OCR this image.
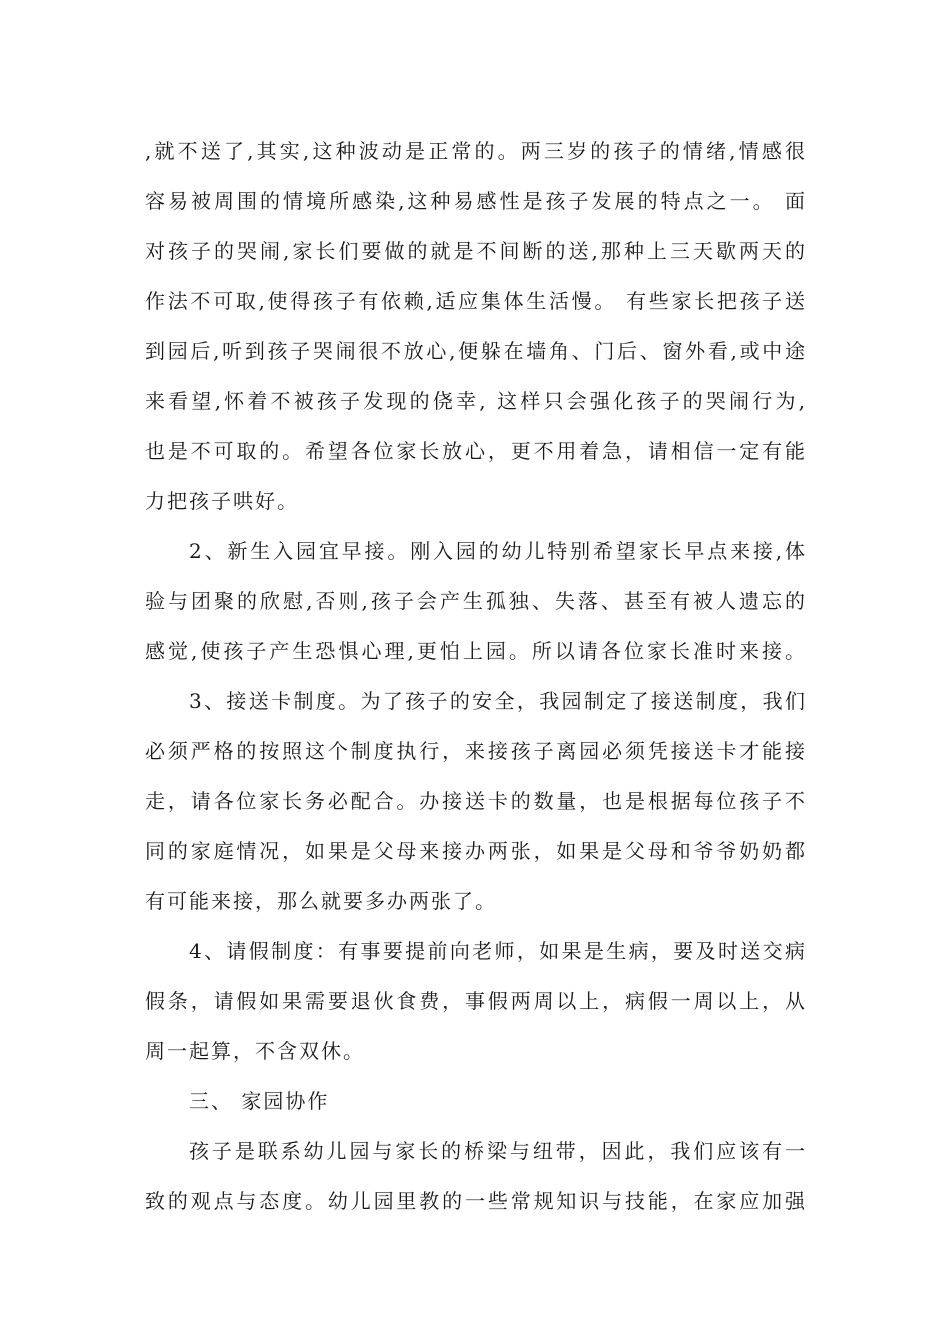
,就不送了,其实,这种波动是正常的。两三岁的孩子的情绪,情感很
容易被周围的情境所感染,这种易感性是孩子发展的特点之一。 面
对孩子的哭闹,家长们要做的就是不间断的送,那种上三天歇两天的
作法不可取,使得孩子有依赖,适应集体生活慢。 有些家长把孩子送
到园后,听到孩子哭闹很不放心,便躲在墙角、门后、窗外看,或中途
来看望,怀着不被孩子发现的侥幸, 这样只会强化孩子的哭闹行为,
也是不可取的。希望各位家长放心，更不用着急，请相信一定有能
力把孩子哄好。
2、新生入园宜早接。刚入园的幼儿特别希望家长早点来接,体
验与团聚的欣慰,否则,孩子会产生孤独、失落、甚至有被人遗忘的
感觉,使孩子产生恐惧心理,更怕上园。所以请各位家长准时来接。
3、接送卡制度。为了孩子的安全，我园制定了接送制度，我们
必须严格的按照这个制度执行，来接孩子离园必须凭接送卡才能接
走，请各位家长务必配合。办接送卡的数量，也是根据每位孩子不
同的家庭情况，如果是父母来接办两张，如果是父母和爷爷奶奶都
有可能来接，那么就要多办两张了。
4、请假制度：有事要提前向老师，如果是生病，要及时送交病
假条，请假如果需要退伙食费，事假两周以上，病假一周以上，从
周一起算，不含双休。
三、 家园协作
孩子是联系幼儿园与家长的桥梁与纽带，因此，我们应该有一
致的观点与态度。幼儿园里教的一些常规知识与技能，在家应加强
